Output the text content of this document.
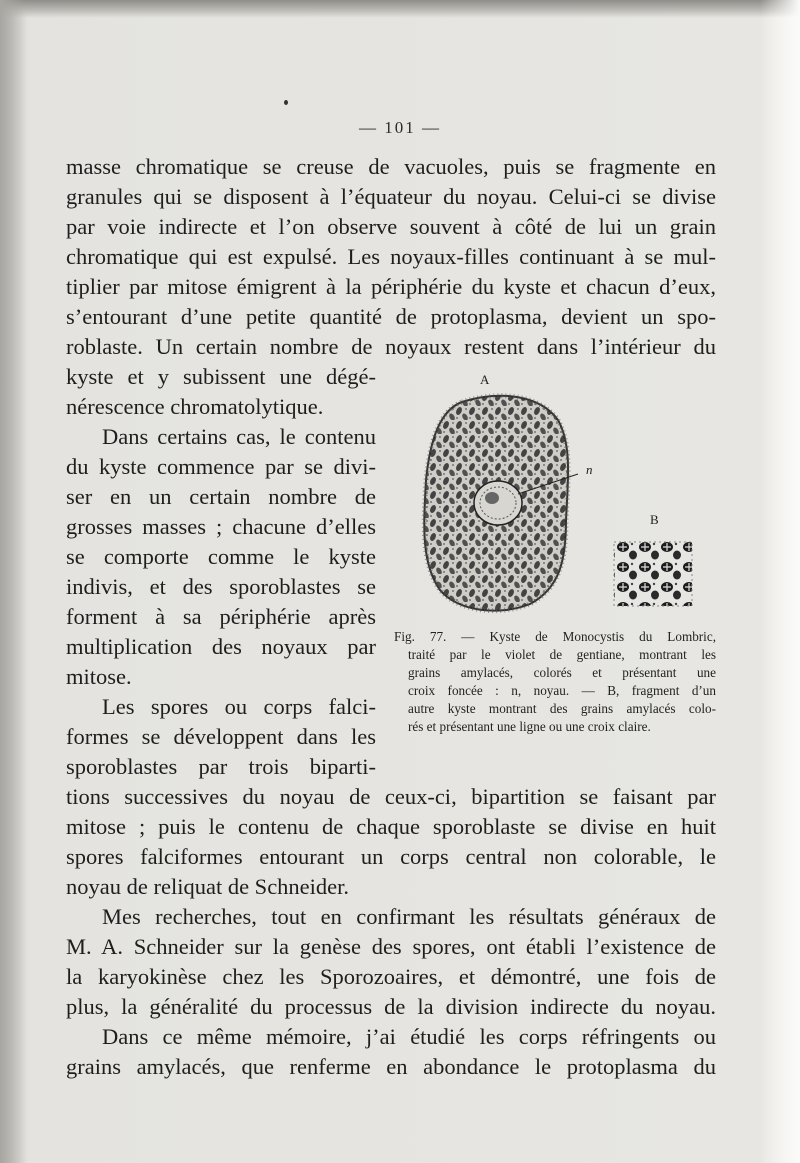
— 101 —
masse chromatique se creuse de vacuoles, puis se fragmente en
granules qui se disposent à l’équateur du noyau. Celui-ci se divise
par voie indirecte et l’on observe souvent à côté de lui un grain
chromatique qui est expulsé. Les noyaux-filles continuant à se mul-
tiplier par mitose émigrent à la périphérie du kyste et chacun d’eux,
s’entourant d’une petite quantité de protoplasma, devient un spo-
roblaste. Un certain nombre de noyaux restent dans l’intérieur du
kyste et y subissent une dégé-
nérescence chromatolytique.
Dans certains cas, le contenu
du kyste commence par se divi-
ser en un certain nombre de
grosses masses ; chacune d’elles
se comporte comme le kyste
indivis, et des sporoblastes se
forment à sa périphérie après
multiplication des noyaux par
mitose.
Les spores ou corps falci-
formes se développent dans les
sporoblastes par trois biparti-
tions successives du noyau de ceux-ci, bipartition se faisant par
mitose ; puis le contenu de chaque sporoblaste se divise en huit
spores falciformes entourant un corps central non colorable, le
noyau de reliquat de Schneider.
Mes recherches, tout en confirmant les résultats généraux de
M. A. Schneider sur la genèse des spores, ont établi l’existence de
la karyokinèse chez les Sporozoaires, et démontré, une fois de
plus, la généralité du processus de la division indirecte du noyau.
Dans ce même mémoire, j’ai étudié les corps réfringents ou
grains amylacés, que renferme en abondance le protoplasma du
A
B
n
Fig. 77. — Kyste de Monocystis du Lombric,
traité par le violet de gentiane, montrant les
grains amylacés, colorés et présentant une
croix foncée : n, noyau. — B, fragment d’un
autre kyste montrant des grains amylacés colo-
rés et présentant une ligne ou une croix claire.
